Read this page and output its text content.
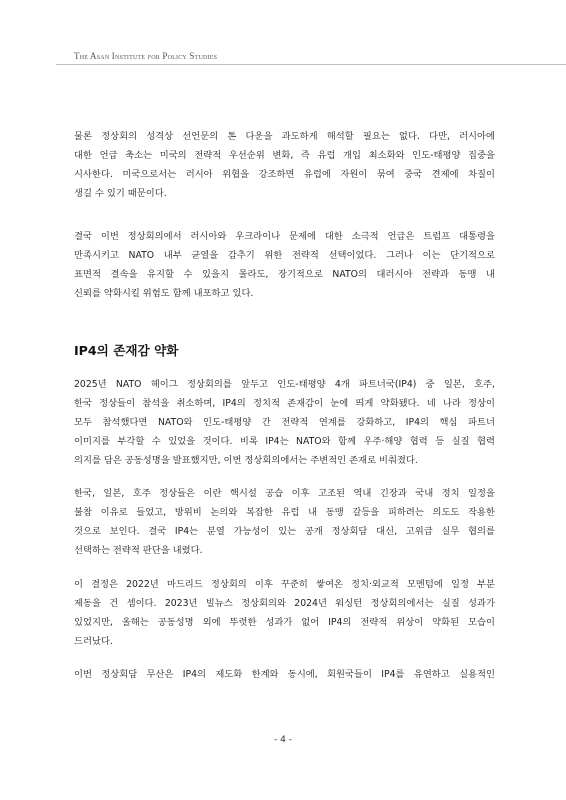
The Asan Institute for Policy Studies
물론 정상회의 성격상 선언문의 톤 다운을 과도하게 해석할 필요는 없다. 다만, 러시아에
대한 언급 축소는 미국의 전략적 우선순위 변화, 즉 유럽 개입 최소화와 인도-태평양 집중을
시사한다. 미국으로서는 러시아 위협을 강조하면 유럽에 자원이 묶여 중국 견제에 차질이
생길 수 있기 때문이다.
결국 이번 정상회의에서 러시아와 우크라이나 문제에 대한 소극적 언급은 트럼프 대통령을
만족시키고 NATO 내부 균열을 감추기 위한 전략적 선택이었다. 그러나 이는 단기적으로
표면적 결속을 유지할 수 있을지 몰라도, 장기적으로 NATO의 대러시아 전략과 동맹 내
신뢰를 약화시킬 위험도 함께 내포하고 있다.
IP4의 존재감 약화
2025년 NATO 헤이그 정상회의를 앞두고 인도-태평양 4개 파트너국(IP4) 중 일본, 호주,
한국 정상들이 참석을 취소하며, IP4의 정치적 존재감이 눈에 띄게 약화됐다. 네 나라 정상이
모두 참석했다면 NATO와 인도-태평양 간 전략적 연계를 강화하고, IP4의 핵심 파트너
이미지를 부각할 수 있었을 것이다. 비록 IP4는 NATO와 함께 우주·해양 협력 등 실질 협력
의지를 담은 공동성명을 발표했지만, 이번 정상회의에서는 주변적인 존재로 비춰졌다.
한국, 일본, 호주 정상들은 이란 핵시설 공습 이후 고조된 역내 긴장과 국내 정치 일정을
불참 이유로 들었고, 방위비 논의와 복잡한 유럽 내 동맹 갈등을 피하려는 의도도 작용한
것으로 보인다. 결국 IP4는 분열 가능성이 있는 공개 정상회담 대신, 고위급 실무 협의를
선택하는 전략적 판단을 내렸다.
이 결정은 2022년 마드리드 정상회의 이후 꾸준히 쌓여온 정치·외교적 모멘텀에 일정 부분
제동을 건 셈이다. 2023년 빌뉴스 정상회의와 2024년 워싱턴 정상회의에서는 실질 성과가
있었지만, 올해는 공동성명 외에 뚜렷한 성과가 없어 IP4의 전략적 위상이 약화된 모습이
드러났다.
이번 정상회담 무산은 IP4의 제도화 한계와 동시에, 회원국들이 IP4를 유연하고 실용적인
- 4 -
